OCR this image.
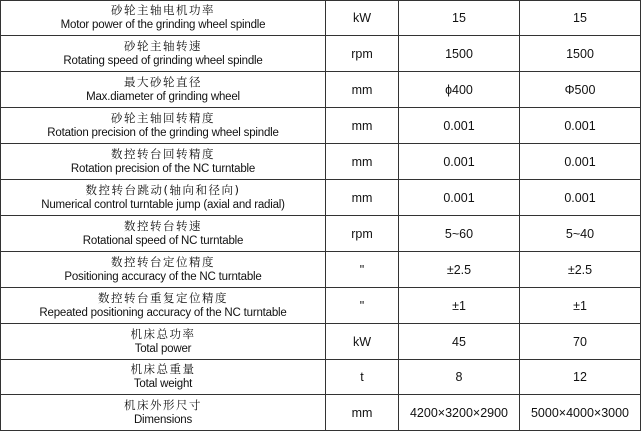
砂轮主轴电机功率
Motor power of the grinding wheel spindle	kW	15	15

砂轮主轴转速
Rotating speed of grinding wheel spindle	rpm	1500	1500

最大砂轮直径
Max.diameter of grinding wheel	mm	ɸ400	Φ500

砂轮主轴回转精度
Rotation precision of the grinding wheel spindle	mm	0.001	0.001

数控转台回转精度
Rotation precision of the NC turntable	mm	0.001	0.001

数控转台跳动(轴向和径向)
Numerical control turntable jump (axial and radial)	mm	0.001	0.001

数控转台转速
Rotational speed of NC turntable	rpm	5~60	5~40

数控转台定位精度
Positioning accuracy of the NC turntable	"	±2.5	±2.5

数控转台重复定位精度
Repeated positioning accuracy of the NC turntable	"	±1	±1

机床总功率
Total power	kW	45	70

机床总重量
Total weight	t	8	12

机床外形尺寸
Dimensions	mm	4200×3200×2900	5000×4000×3000
